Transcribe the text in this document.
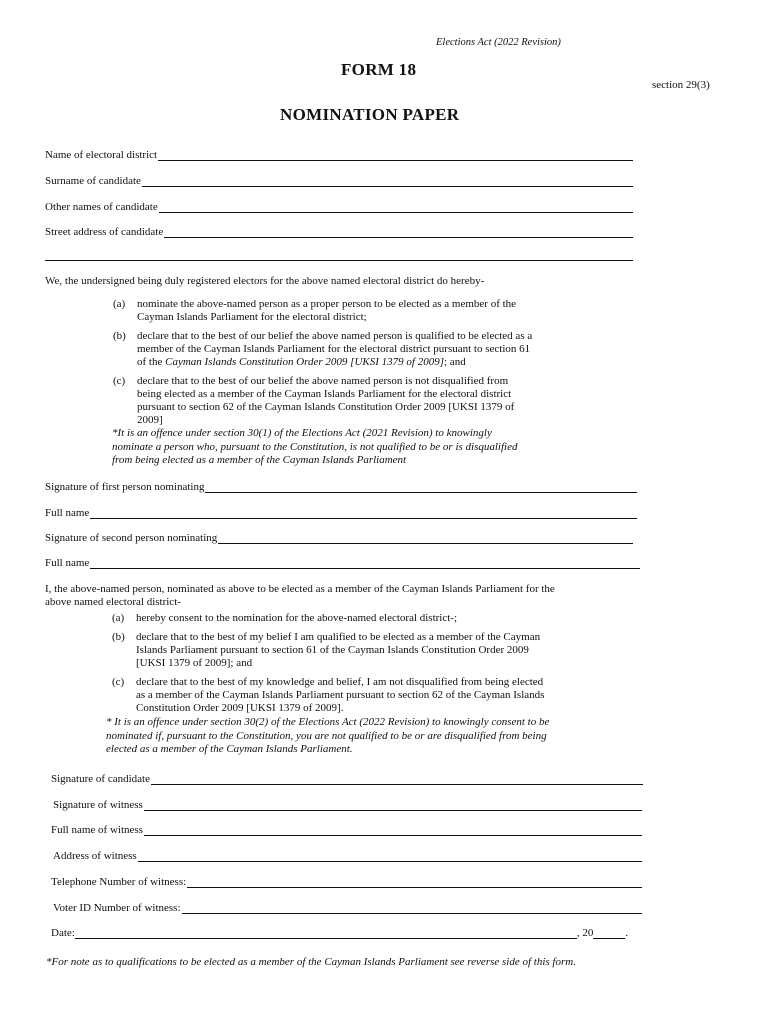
Elections Act (2022 Revision)
FORM 18
section 29(3)
NOMINATION PAPER
Name of electoral district
Surname of candidate
Other names of candidate
Street address of candidate
We, the undersigned being duly registered electors for the above named electoral district do hereby-
(a) nominate the above-named person as a proper person to be elected as a member of the
Cayman Islands Parliament for the electoral district;
(b) declare that to the best of our belief the above named person is qualified to be elected as a
member of the Cayman Islands Parliament for the electoral district pursuant to section 61
of the Cayman Islands Constitution Order 2009 [UKSI 1379 of 2009]; and
(c) declare that to the best of our belief the above named person is not disqualified from
being elected as a member of the Cayman Islands Parliament for the electoral district
pursuant to section 62 of the Cayman Islands Constitution Order 2009 [UKSI 1379 of
2009]
*It is an offence under section 30(1) of the Elections Act (2021 Revision) to knowingly
nominate a person who, pursuant to the Constitution, is not qualified to be or is disqualified
from being elected as a member of the Cayman Islands Parliament
Signature of first person nominating
Full name
Signature of second person nominating
Full name
I, the above-named person, nominated as above to be elected as a member of the Cayman Islands Parliament for the
above named electoral district-
(a) hereby consent to the nomination for the above-named electoral district-;
(b) declare that to the best of my belief I am qualified to be elected as a member of the Cayman
Islands Parliament pursuant to section 61 of the Cayman Islands Constitution Order 2009
[UKSI 1379 of 2009]; and
(c) declare that to the best of my knowledge and belief, I am not disqualified from being elected
as a member of the Cayman Islands Parliament pursuant to section 62 of the Cayman Islands
Constitution Order 2009 [UKSI 1379 of 2009].
* It is an offence under section 30(2) of the Elections Act (2022 Revision) to knowingly consent to be
nominated if, pursuant to the Constitution, you are not qualified to be or are disqualified from being
elected as a member of the Cayman Islands Parliament.
Signature of candidate
Signature of witness
Full name of witness
Address of witness
Telephone Number of witness:
Voter ID Number of witness:
Date:	, 20	.
*For note as to qualifications to be elected as a member of the Cayman Islands Parliament see reverse side of this form.
